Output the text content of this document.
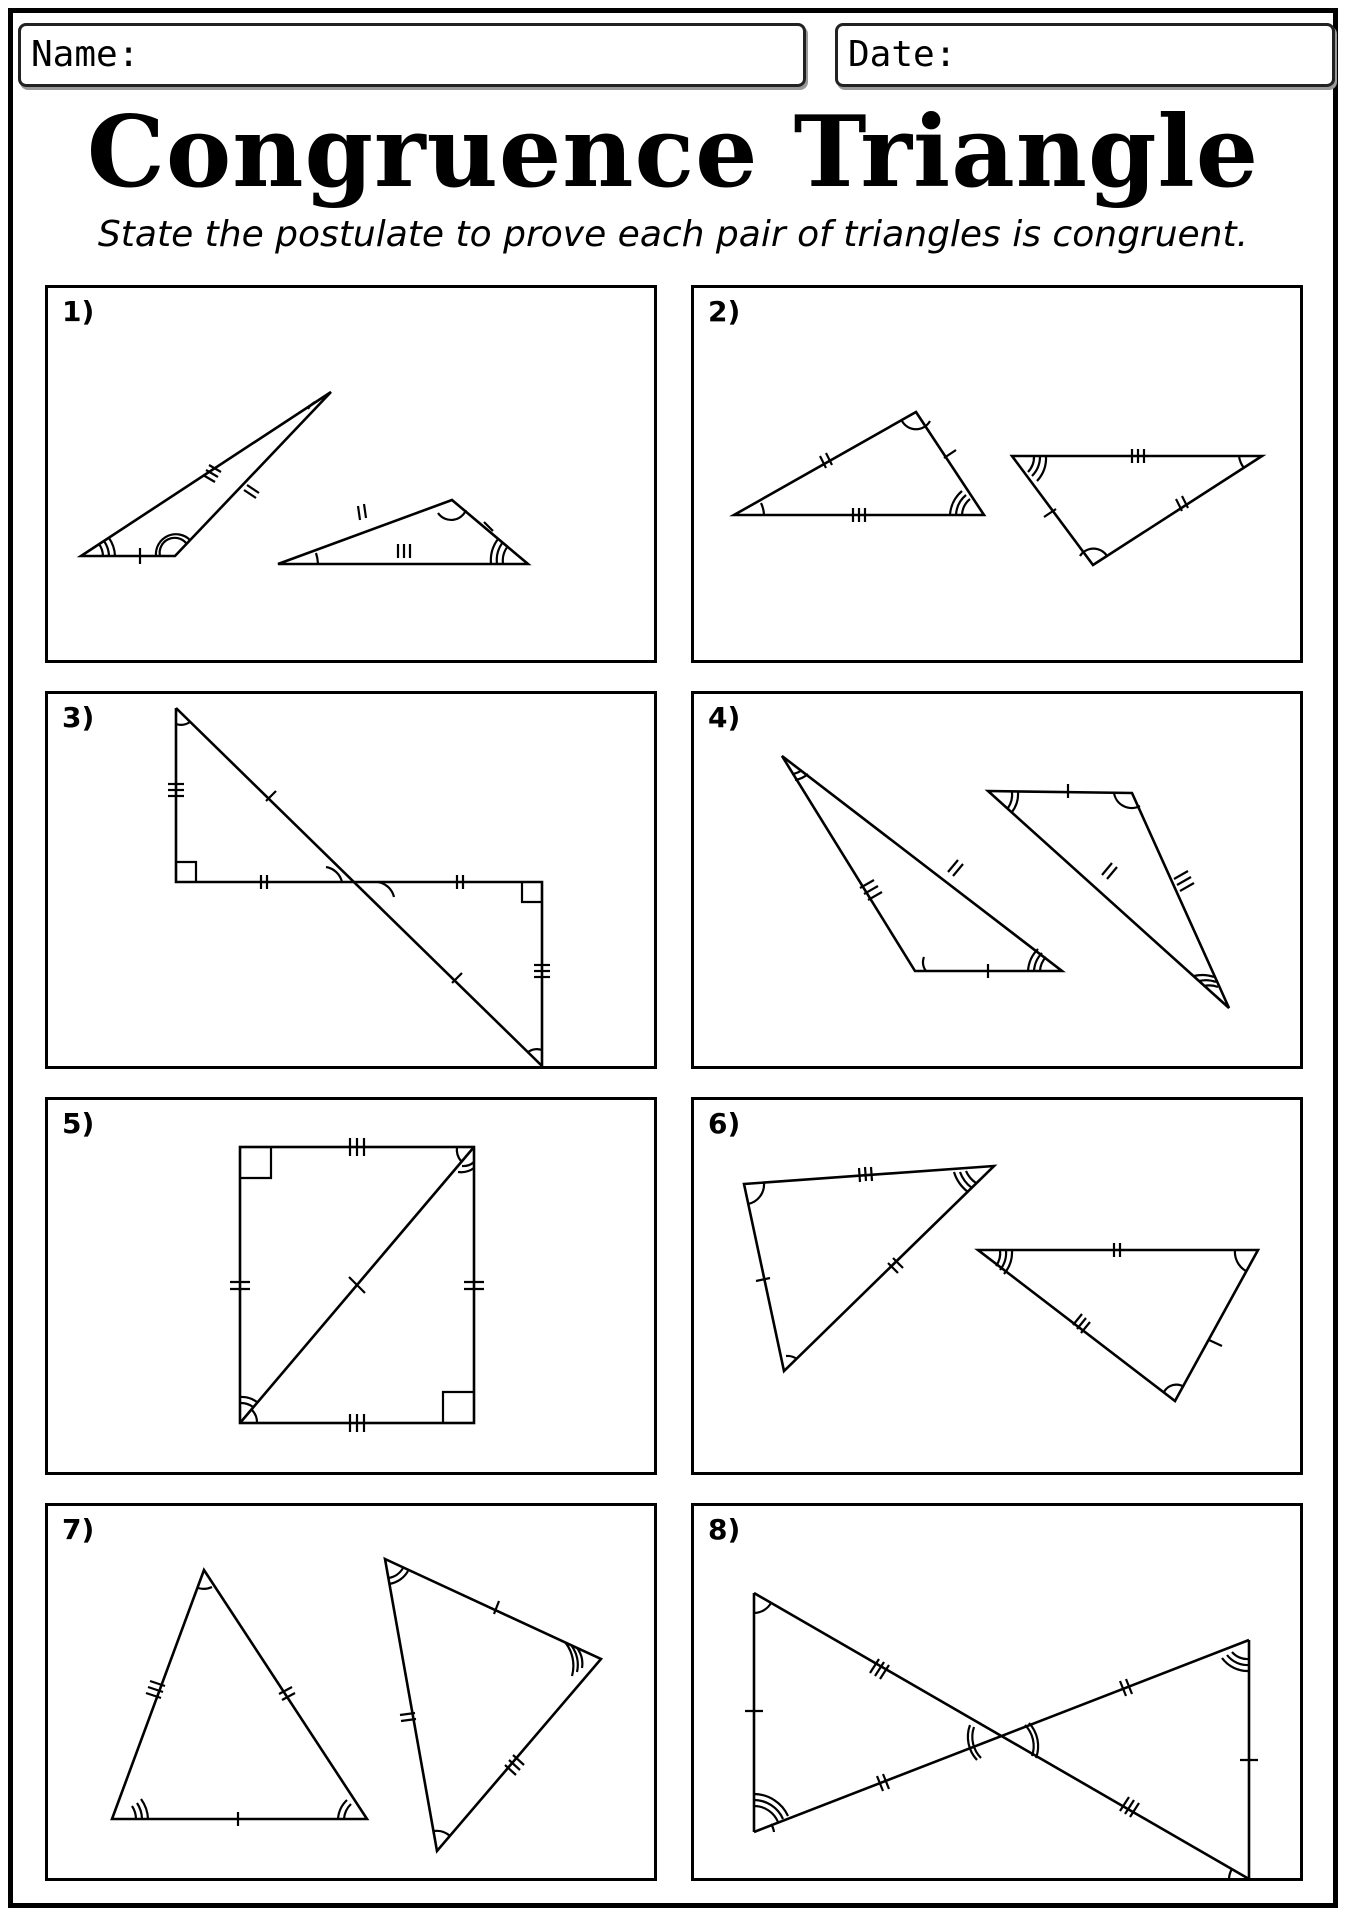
Name:	Date:
Congruence Triangle
State the postulate to prove each pair of triangles is congruent.
1)	2)
3)	4)
5)	6)
7)	8)
